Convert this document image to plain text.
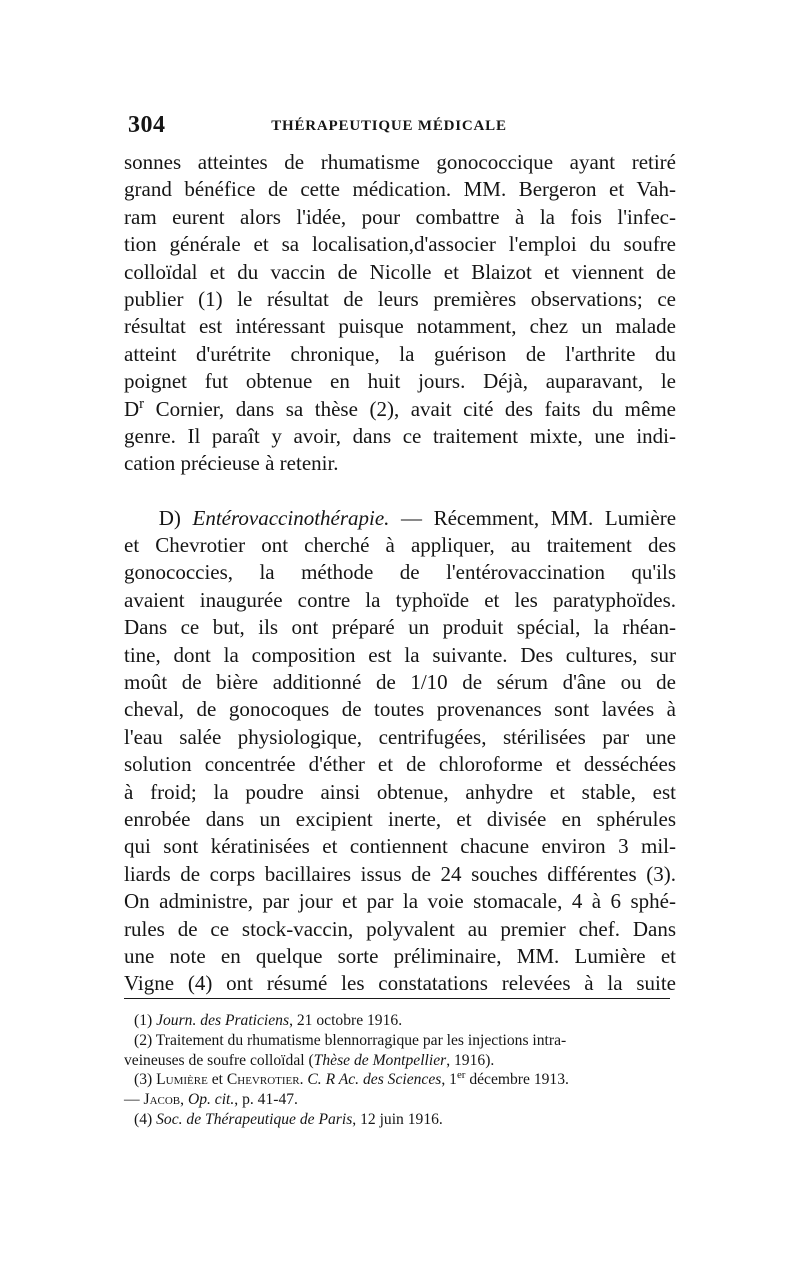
304	THÉRAPEUTIQUE MÉDICALE
sonnes atteintes de rhumatisme gonococcique ayant retiré
grand bénéfice de cette médication. MM. Bergeron et Vah-
ram eurent alors l'idée, pour combattre à la fois l'infec-
tion générale et sa localisation,d'associer l'emploi du soufre
colloïdal et du vaccin de Nicolle et Blaizot et viennent de
publier (1) le résultat de leurs premières observations; ce
résultat est intéressant puisque notamment, chez un malade
atteint d'urétrite chronique, la guérison de l'arthrite du
poignet fut obtenue en huit jours. Déjà, auparavant, le
$D^r$ Cornier, dans sa thèse (2), avait cité des faits du même
genre. Il paraît y avoir, dans ce traitement mixte, une indi-
cation précieuse à retenir.
D) Entérovaccinothérapie. — Récemment, MM. Lumière
et Chevrotier ont cherché à appliquer, au traitement des
gonococcies, la méthode de l'entérovaccination qu'ils
avaient inaugurée contre la typhoïde et les paratyphoïdes.
Dans ce but, ils ont préparé un produit spécial, la rhéan-
tine, dont la composition est la suivante. Des cultures, sur
moût de bière additionné de 1/10 de sérum d'âne ou de
cheval, de gonocoques de toutes provenances sont lavées à
l'eau salée physiologique, centrifugées, stérilisées par une
solution concentrée d'éther et de chloroforme et desséchées
à froid; la poudre ainsi obtenue, anhydre et stable, est
enrobée dans un excipient inerte, et divisée en sphérules
qui sont kératinisées et contiennent chacune environ 3 mil-
liards de corps bacillaires issus de 24 souches différentes (3).
On administre, par jour et par la voie stomacale, 4 à 6 sphé-
rules de ce stock-vaccin, polyvalent au premier chef. Dans
une note en quelque sorte préliminaire, MM. Lumière et
Vigne (4) ont résumé les constatations relevées à la suite
(1) Journ. des Praticiens, 21 octobre 1916.
(2) Traitement du rhumatisme blennorragique par les injections intra-
veineuses de soufre colloïdal (Thèse de Montpellier, 1916).
(3) Lumière et Chevrotier. C. R Ac. des Sciences, 1er décembre 1913.
— Jacob, Op. cit., p. 41-47.
(4) Soc. de Thérapeutique de Paris, 12 juin 1916.
